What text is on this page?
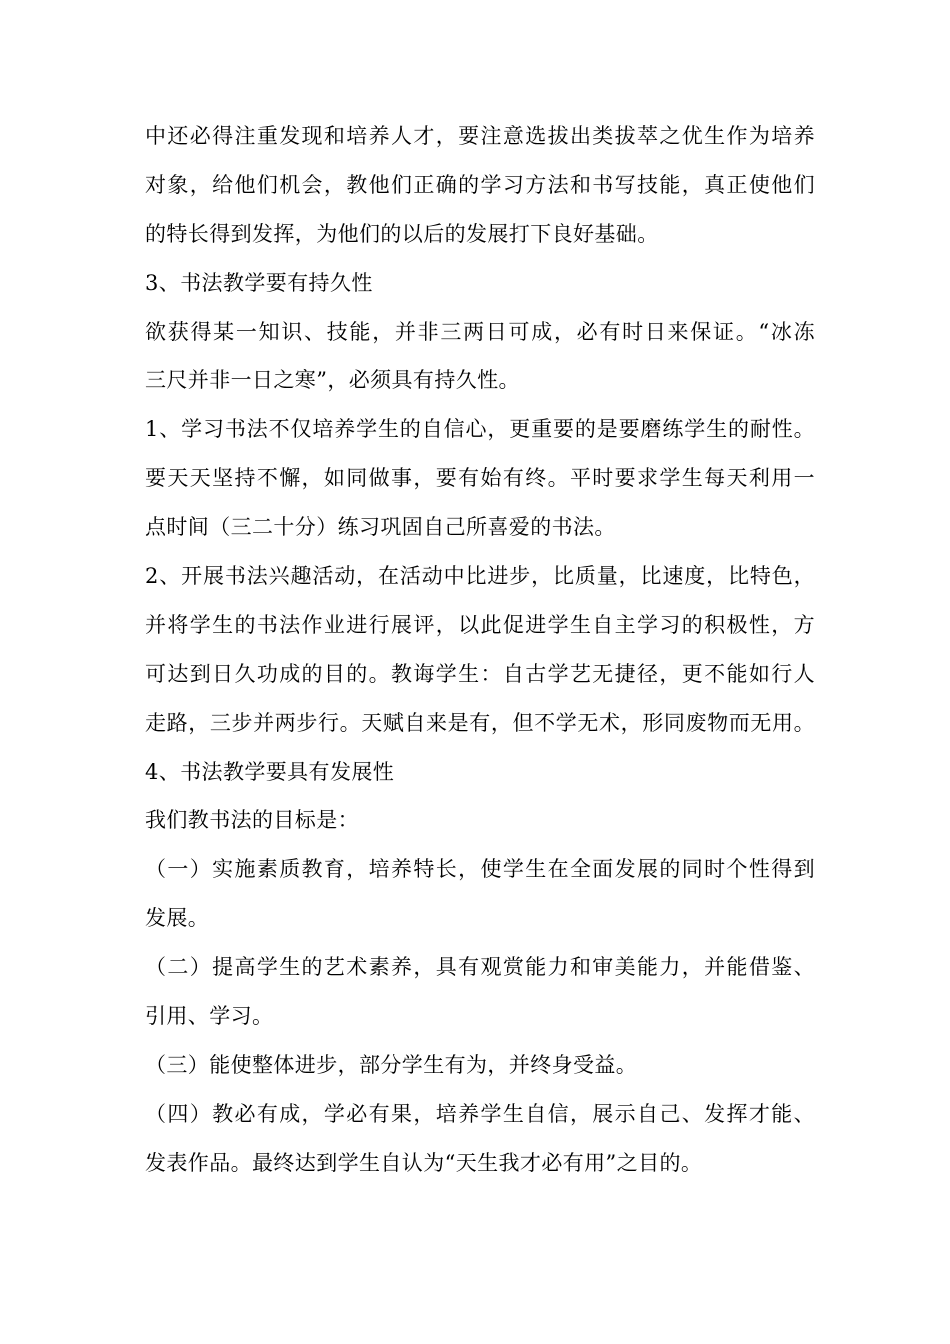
中还必得注重发现和培养人才，要注意选拔出类拔萃之优生作为培养
对象，给他们机会，教他们正确的学习方法和书写技能，真正使他们
的特长得到发挥，为他们的以后的发展打下良好基础。
3、书法教学要有持久性
欲获得某一知识、技能，并非三两日可成，必有时日来保证。“冰冻
三尺并非一日之寒”，必须具有持久性。
1、学习书法不仅培养学生的自信心，更重要的是要磨练学生的耐性。
要天天坚持不懈，如同做事，要有始有终。平时要求学生每天利用一
点时间（三二十分）练习巩固自己所喜爱的书法。
2、开展书法兴趣活动，在活动中比进步，比质量，比速度，比特色，
并将学生的书法作业进行展评，以此促进学生自主学习的积极性，方
可达到日久功成的目的。教诲学生：自古学艺无捷径，更不能如行人
走路，三步并两步行。天赋自来是有，但不学无术，形同废物而无用。
4、书法教学要具有发展性
我们教书法的目标是：
（一）实施素质教育，培养特长，使学生在全面发展的同时个性得到
发展。
（二）提高学生的艺术素养，具有观赏能力和审美能力，并能借鉴、
引用、学习。
（三）能使整体进步，部分学生有为，并终身受益。
（四）教必有成，学必有果，培养学生自信，展示自己、发挥才能、
发表作品。最终达到学生自认为“天生我才必有用”之目的。
